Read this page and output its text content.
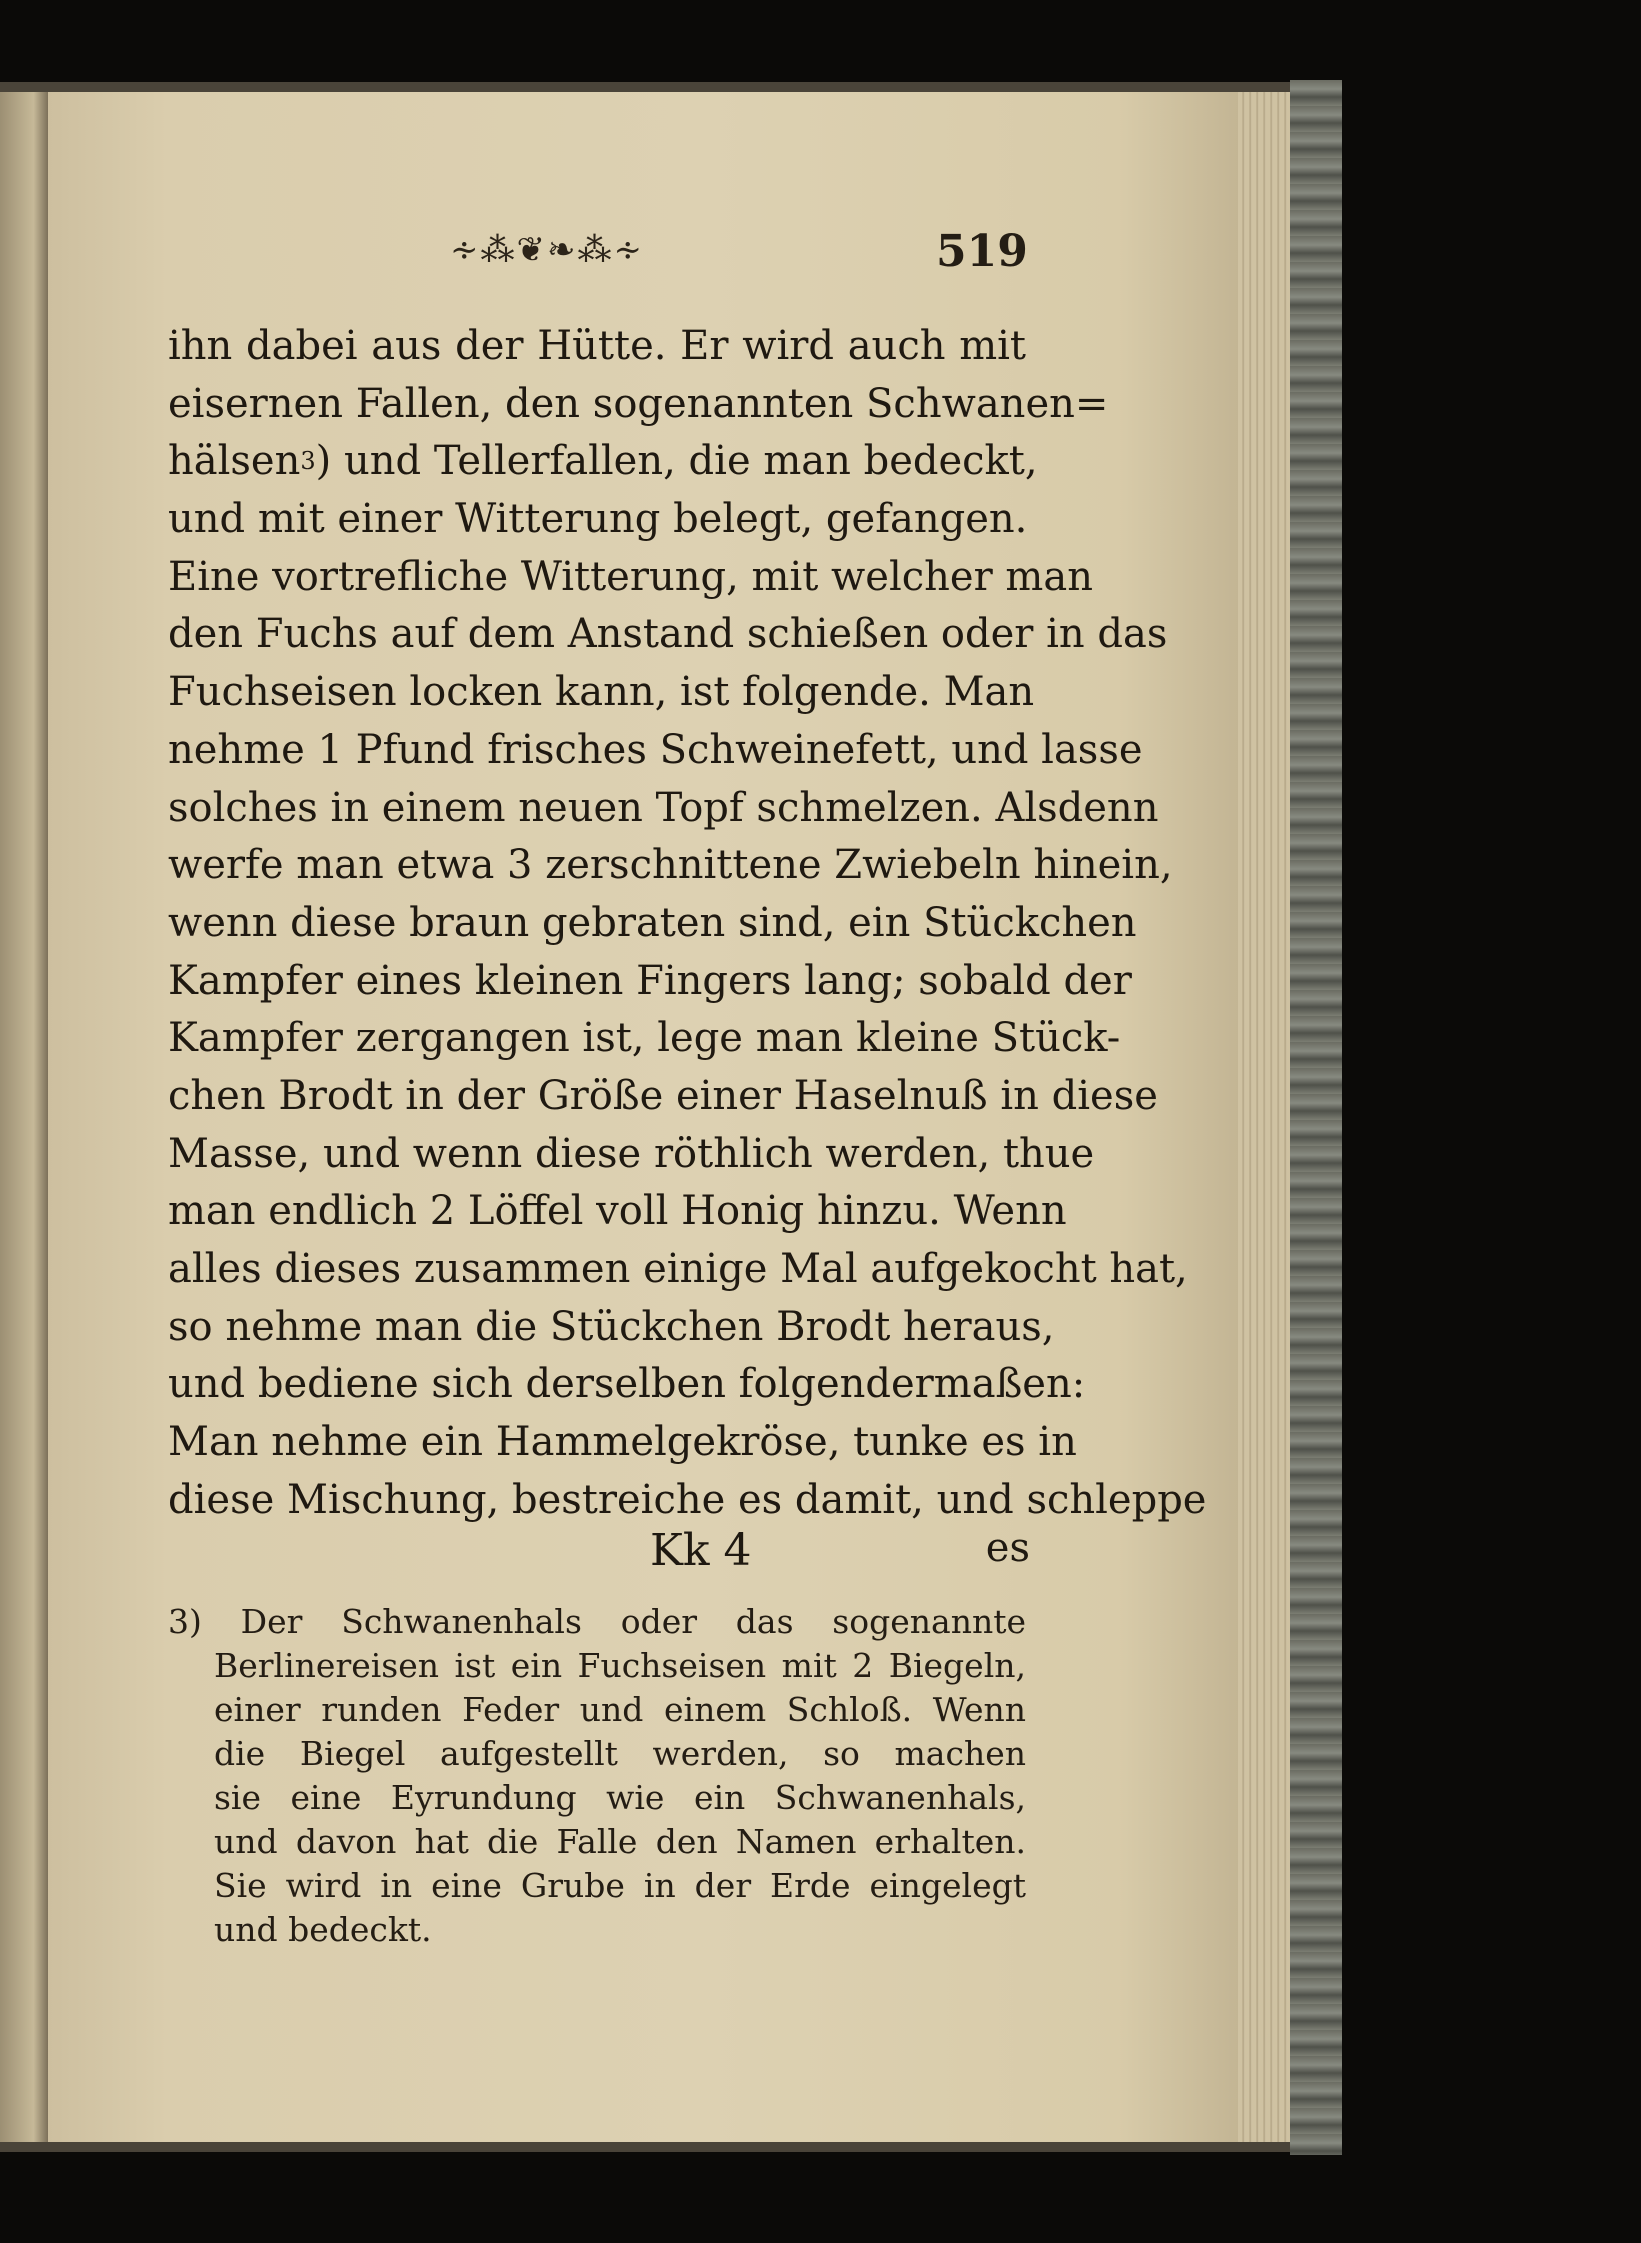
∻⁂❦❧⁂∻	519
ihn dabei aus der Hütte. Er wird auch mit
eisernen Fallen, den sogenannten Schwanen=
hälsen$^3$) und Tellerfallen, die man bedeckt,
und mit einer Witterung belegt, gefangen.
Eine vortrefliche Witterung, mit welcher man
den Fuchs auf dem Anstand schießen oder in das
Fuchseisen locken kann, ist folgende. Man
nehme 1 Pfund frisches Schweinefett, und lasse
solches in einem neuen Topf schmelzen. Alsdenn
werfe man etwa 3 zerschnittene Zwiebeln hinein,
wenn diese braun gebraten sind, ein Stückchen
Kampfer eines kleinen Fingers lang; sobald der
Kampfer zergangen ist, lege man kleine Stück-
chen Brodt in der Größe einer Haselnuß in diese
Masse, und wenn diese röthlich werden, thue
man endlich 2 Löffel voll Honig hinzu. Wenn
alles dieses zusammen einige Mal aufgekocht hat,
so nehme man die Stückchen Brodt heraus,
und bediene sich derselben folgendermaßen:
Man nehme ein Hammelgekröse, tunke es in
diese Mischung, bestreiche es damit, und schleppe
Kk 4	es
3) Der Schwanenhals oder das sogenannte
Berlinereisen ist ein Fuchseisen mit 2 Biegeln,
einer runden Feder und einem Schloß. Wenn
die Biegel aufgestellt werden, so machen
sie eine Eyrundung wie ein Schwanenhals,
und davon hat die Falle den Namen erhalten.
Sie wird in eine Grube in der Erde eingelegt
und bedeckt.
